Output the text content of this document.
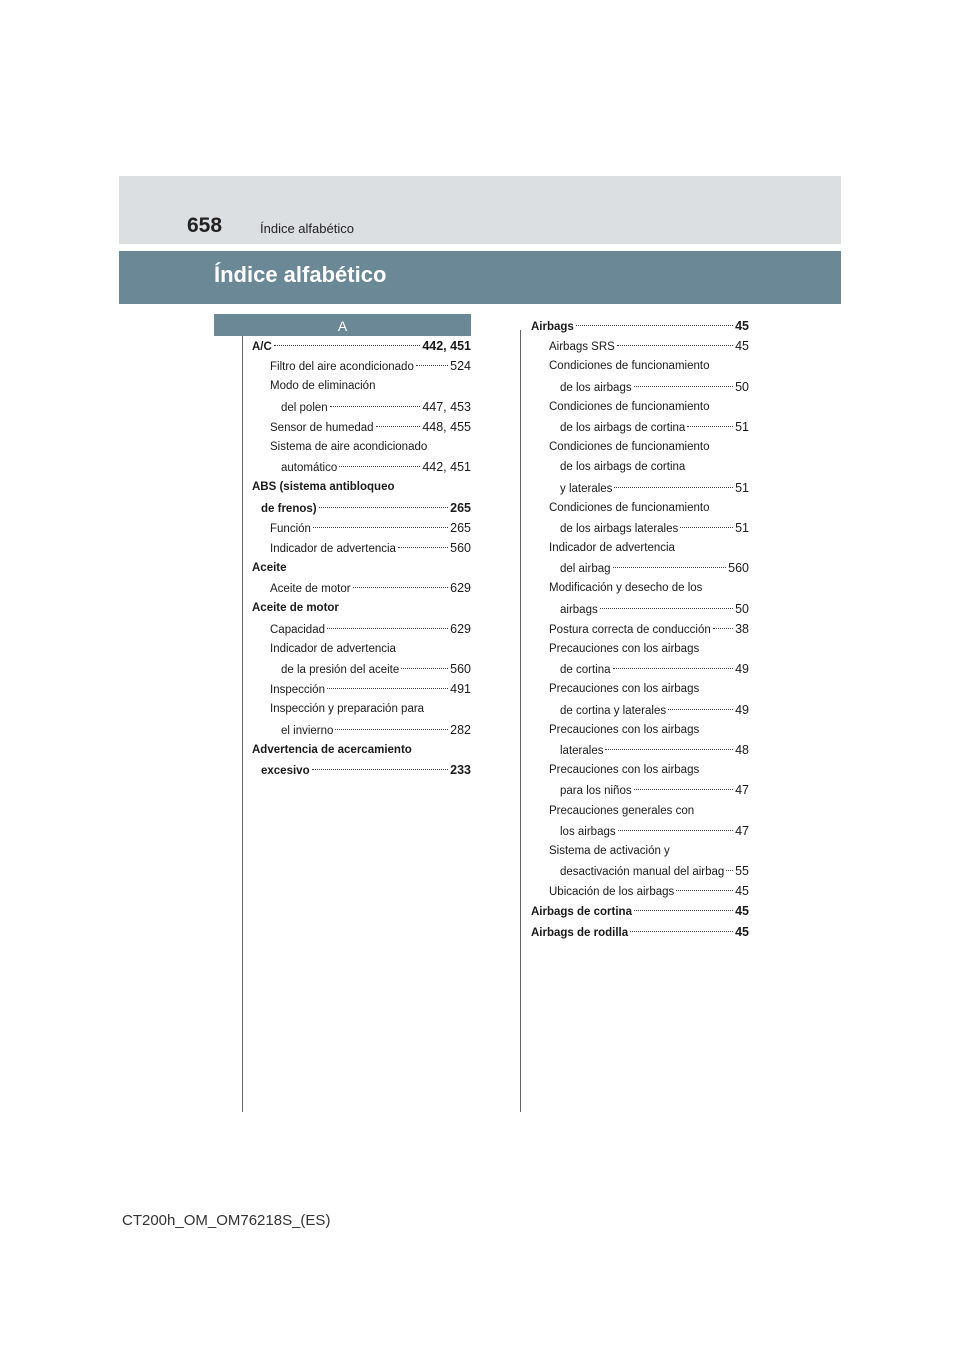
658	Índice alfabético
Índice alfabético
A
A/C	442, 451
Filtro del aire acondicionado	524
Modo de eliminación
del polen	447, 453
Sensor de humedad	448, 455
Sistema de aire acondicionado
automático	442, 451
ABS (sistema antibloqueo
de frenos)	265
Función	265
Indicador de advertencia	560
Aceite
Aceite de motor	629
Aceite de motor
Capacidad	629
Indicador de advertencia
de la presión del aceite	560
Inspección	491
Inspección y preparación para
el invierno	282
Advertencia de acercamiento
excesivo	233
Airbags	45
Airbags SRS	45
Condiciones de funcionamiento
de los airbags	50
Condiciones de funcionamiento
de los airbags de cortina	51
Condiciones de funcionamiento
de los airbags de cortina
y laterales	51
Condiciones de funcionamiento
de los airbags laterales	51
Indicador de advertencia
del airbag	560
Modificación y desecho de los
airbags	50
Postura correcta de conducción 38
Precauciones con los airbags
de cortina	49
Precauciones con los airbags
de cortina y laterales	49
Precauciones con los airbags
laterales	48
Precauciones con los airbags
para los niños	47
Precauciones generales con
los airbags	47
Sistema de activación y
desactivación manual del airbag 55
Ubicación de los airbags	45
Airbags de cortina	45
Airbags de rodilla	45
CT200h_OM_OM76218S_(ES)
